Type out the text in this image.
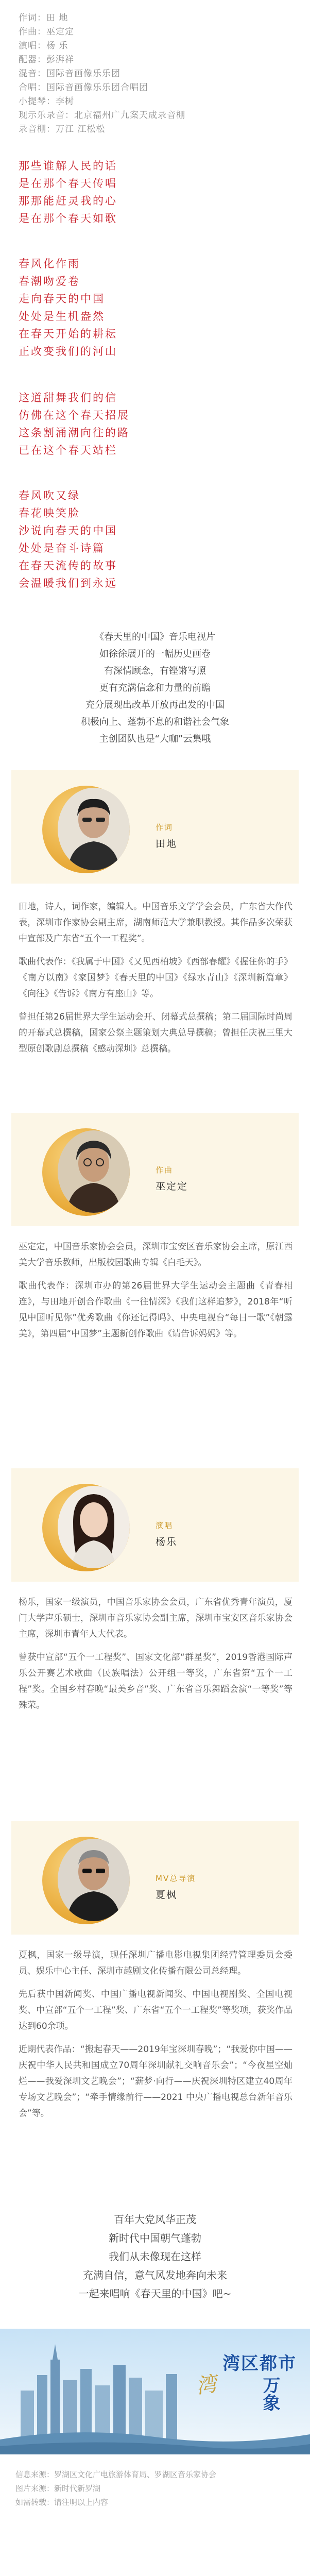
作词：田 地
作曲：巫定定
演唱：杨 乐
配器：彭湃祥
混音：国际音画像乐乐团
合唱：国际音画像乐乐团合唱团
小提琴：李树
现示乐录音：北京福州广九案天成录音棚
录音棚：万江 江松松
那些谁解人民的话
是在那个春天传唱
那那能赶灵我的心
是在那个春天如歌
春风化作雨
春潮吻爱卷
走向春天的中国
处处是生机盎然
在春天开始的耕耘
正改变我们的河山
这道甜舞我们的信
仿佛在这个春天招展
这条割涌潮向往的路
已在这个春天站栏
春风吹又绿
春花映笑脸
沙说向春天的中国
处处是奋斗诗篇
在春天流传的故事
会温暖我们到永远
《春天里的中国》音乐电视片
如徐徐展开的一幅历史画卷
有深情顾念，有铿锵写照
更有充满信念和力量的前瞻
充分展现出改革开放再出发的中国
积极向上、蓬勃不息的和谐社会气象
主创团队也是“大咖”云集哦
作词
田地

田地，诗人，词作家，编辑人。中国音乐文学学会会员，广东省大作代表，深圳市作家协会副主席，湖南师范大学兼职教授。其作品多次荣获中宣部及广东省“五个一工程奖”。

歌曲代表作：《我属于中国》《又见西柏坡》《西部春耀》《握住你的手》《南方以南》《家国梦》《春天里的中国》《绿水青山》《深圳新篇章》《向往》《告诉》《南方有座山》等。

曾担任第26届世界大学生运动会开、闭幕式总撰稿；第二届国际时尚周的开幕式总撰稿，国家公祭主题策划大典总导撰稿；曾担任庆祝三里大型原创歌剧总撰稿《感动深圳》总撰稿。

作曲
巫定定

巫定定，中国音乐家协会会员，深圳市宝安区音乐家协会主席，原江西美大学音乐教师，出版校园歌曲专辑《白毛天》。

歌曲代表作：深圳市办的第26届世界大学生运动会主题曲《青春相连》，与田地开创合作歌曲《一往情深》《我们这样追梦》，2018年“听见中国听见你”优秀歌曲《你还记得吗》、中央电视台“每日一歌”《朝露美》，第四届“中国梦”主题新创作歌曲《请告诉妈妈》等。

演唱
杨乐

杨乐，国家一级演员，中国音乐家协会会员，广东省优秀青年演员，厦门大学声乐硕士，深圳市音乐家协会副主席，深圳市宝安区音乐家协会主席，深圳市青年人大代表。

曾获中宣部“五个一工程奖”、国家文化部“群星奖”，2019香港国际声乐公开赛艺术歌曲（民族唱法）公开组一等奖，广东省第“五个一工程”奖。全国乡村春晚“最美乡音”奖、广东省音乐舞蹈会演“一等奖”等殊荣。

MV总导演
夏枫

夏枫，国家一级导演，现任深圳广播电影电视集团经营管理委员会委员、娱乐中心主任、深圳市越剧文化传播有限公司总经理。

先后获中国新闻奖、中国广播电视新闻奖、中国电视剧奖、全国电视奖、中宣部“五个一工程”奖、广东省“五个一工程奖”等奖项，获奖作品达到60余项。

近期代表作品：“搬起春天——2019年宝深圳春晚”；“我爱你中国——庆祝中华人民共和国成立70周年深圳献礼交响音乐会”；“今夜星空灿烂——我爱深圳文艺晚会”；“薪梦·向行——庆祝深圳特区建立40周年专场文艺晚会”；“牵手情缘前行——2021 中央广播电视总台新年音乐会”等。

百年大党风华正茂
新时代中国朝气蓬勃
我们从未像现在这样
充满自信，意气风发地奔向未来
一起来唱响《春天里的中国》吧~
湾
湾区都市
万象
信息来源：罗湖区文化广电旅游体育局、罗湖区音乐家协会
图片来源：新时代新罗湖
如需转载：请注明以上内容
